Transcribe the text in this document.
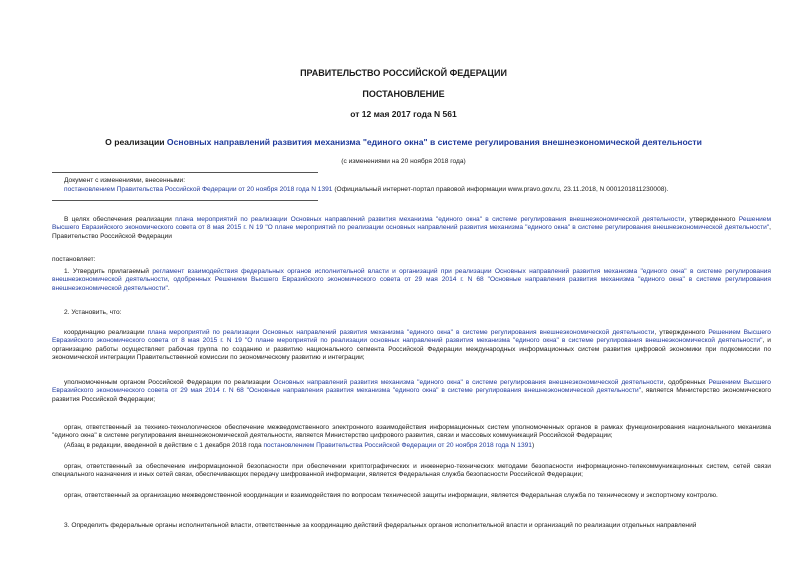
ПРАВИТЕЛЬСТВО РОССИЙСКОЙ ФЕДЕРАЦИИ
ПОСТАНОВЛЕНИЕ
от 12 мая 2017 года N 561
О реализации Основных направлений развития механизма "единого окна" в системе регулирования внешнеэкономической деятельности
(с изменениями на 20 ноября 2018 года)
Документ с изменениями, внесенными:
постановлением Правительства Российской Федерации от 20 ноября 2018 года N 1391 (Официальный интернет-портал правовой информации www.pravo.gov.ru, 23.11.2018, N 0001201811230008).
В целях обеспечения реализации плана мероприятий по реализации Основных направлений развития механизма "единого окна" в системе регулирования внешнеэкономической деятельности, утвержденного Решением Высшего Евразийского экономического совета от 8 мая 2015 г. N 19 "О плане мероприятий по реализации основных направлений развития механизма "единого окна" в системе регулирования внешнеэкономической деятельности", Правительство Российской Федерации
постановляет:
1. Утвердить прилагаемый регламент взаимодействия федеральных органов исполнительной власти и организаций при реализации Основных направлений развития механизма "единого окна" в системе регулирования внешнеэкономической деятельности, одобренных Решением Высшего Евразийского экономического совета от 29 мая 2014 г. N 68 "Основные направления развития механизма "единого окна" в системе регулирования внешнеэкономической деятельности".
2. Установить, что:
координацию реализации плана мероприятий по реализации Основных направлений развития механизма "единого окна" в системе регулирования внешнеэкономической деятельности, утвержденного Решением Высшего Евразийского экономического совета от 8 мая 2015 г. N 19 "О плане мероприятий по реализации основных направлений развития механизма "единого окна" в системе регулирования внешнеэкономической деятельности", и организацию работы осуществляет рабочая группа по созданию и развитию национального сегмента Российской Федерации международных информационных систем развития цифровой экономики при подкомиссии по экономической интеграции Правительственной комиссии по экономическому развитию и интеграции;
уполномоченным органом Российской Федерации по реализации Основных направлений развития механизма "единого окна" в системе регулирования внешнеэкономической деятельности, одобренных Решением Высшего Евразийского экономического совета от 29 мая 2014 г. N 68 "Основные направления развития механизма "единого окна" в системе регулирования внешнеэкономической деятельности", является Министерство экономического развития Российской Федерации;
орган, ответственный за технико-технологическое обеспечение межведомственного электронного взаимодействия информационных систем уполномоченных органов в рамках функционирования национального механизма "единого окна" в системе регулирования внешнеэкономической деятельности, является Министерство цифрового развития, связи и массовых коммуникаций Российской Федерации;
(Абзац в редакции, введенной в действие с 1 декабря 2018 года постановлением Правительства Российской Федерации от 20 ноября 2018 года N 1391)
орган, ответственный за обеспечение информационной безопасности при обеспечении криптографических и инженерно-технических методами безопасности информационно-телекоммуникационных систем, сетей связи специального назначения и иных сетей связи, обеспечивающих передачу шифрованной информации, является Федеральная служба безопасности Российской Федерации;
орган, ответственный за организацию межведомственной координации и взаимодействия по вопросам технической защиты информации, является Федеральная служба по техническому и экспортному контролю.
3. Определить федеральные органы исполнительной власти, ответственные за координацию действий федеральных органов исполнительной власти и организаций по реализации отдельных направлений
